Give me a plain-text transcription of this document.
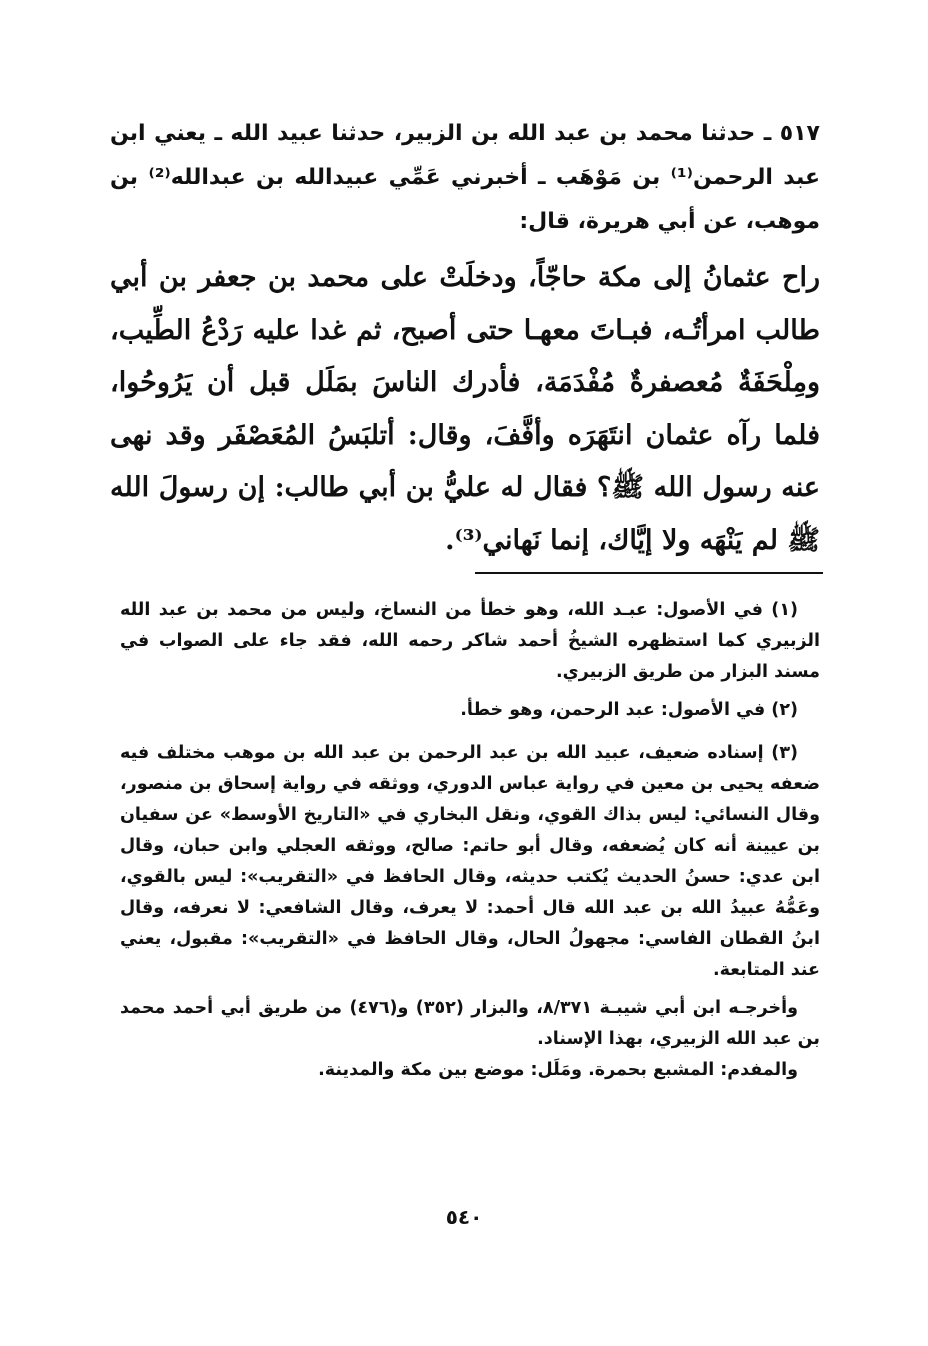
٥١٧ ـ حدثنا محمد بن عبد الله بن الزبير، حدثنا عبيد الله ـ يعني ابن عبد الرحمن⁽¹⁾ بن مَوْهَب ـ أخبرني عَمِّي عبيدالله بن عبدالله⁽²⁾ بن موهب، عن أبي هريرة، قال:

راح عثمانُ إلى مكة حاجّاً، ودخلَتْ على محمد بن جعفر بن أبي طالب امرأتُـه، فبـاتَ معهـا حتى أصبح، ثم غدا عليه رَدْعُ الطِّيب، ومِلْحَفَةٌ مُعصفرةٌ مُفْدَمَة، فأدرك الناسَ بمَلَل قبل أن يَرُوحُوا، فلما رآه عثمان انتَهَرَه وأفَّفَ، وقال: أتلبَسُ المُعَصْفَر وقد نهى عنه رسول الله ﷺ؟ فقال له عليُّ بن أبي طالب: إن رسولَ الله ﷺ لم يَنْهَه ولا إيَّاك، إنما نَهاني⁽³⁾.

(١) في الأصول: عبـد الله، وهو خطأ من النساخ، وليس من محمد بن عبد الله الزبيري كما استظهره الشيخُ أحمد شاكر رحمه الله، فقد جاء على الصواب في مسند البزار من طريق الزبيري.

(٢) في الأصول: عبد الرحمن، وهو خطأ.

(٣) إسناده ضعيف، عبيد الله بن عبد الرحمن بن عبد الله بن موهب مختلف فيه ضعفه يحيى بن معين في رواية عباس الدوري، ووثقه في رواية إسحاق بن منصور، وقال النسائي: ليس بذاك القوي، ونقل البخاري في «التاريخ الأوسط» عن سفيان بن عيينة أنه كان يُضعفه، وقال أبو حاتم: صالح، ووثقه العجلي وابن حبان، وقال ابن عدي: حسنُ الحديث يُكتب حديثه، وقال الحافظ في «التقريب»: ليس بالقوي، وعَمُّهُ عبيدُ الله بن عبد الله قال أحمد: لا يعرف، وقال الشافعي: لا نعرفه، وقال ابنُ القطان الفاسي: مجهولُ الحال، وقال الحافظ في «التقريب»: مقبول، يعني عند المتابعة.

وأخرجـه ابن أبي شيبـة ٨/٣٧١، والبزار (٣٥٢) و(٤٧٦) من طريق أبي أحمد محمد بن عبد الله الزبيري، بهذا الإسناد.

والمفدم: المشبع بحمرة. ومَلَل: موضع بين مكة والمدينة.

٥٤٠
